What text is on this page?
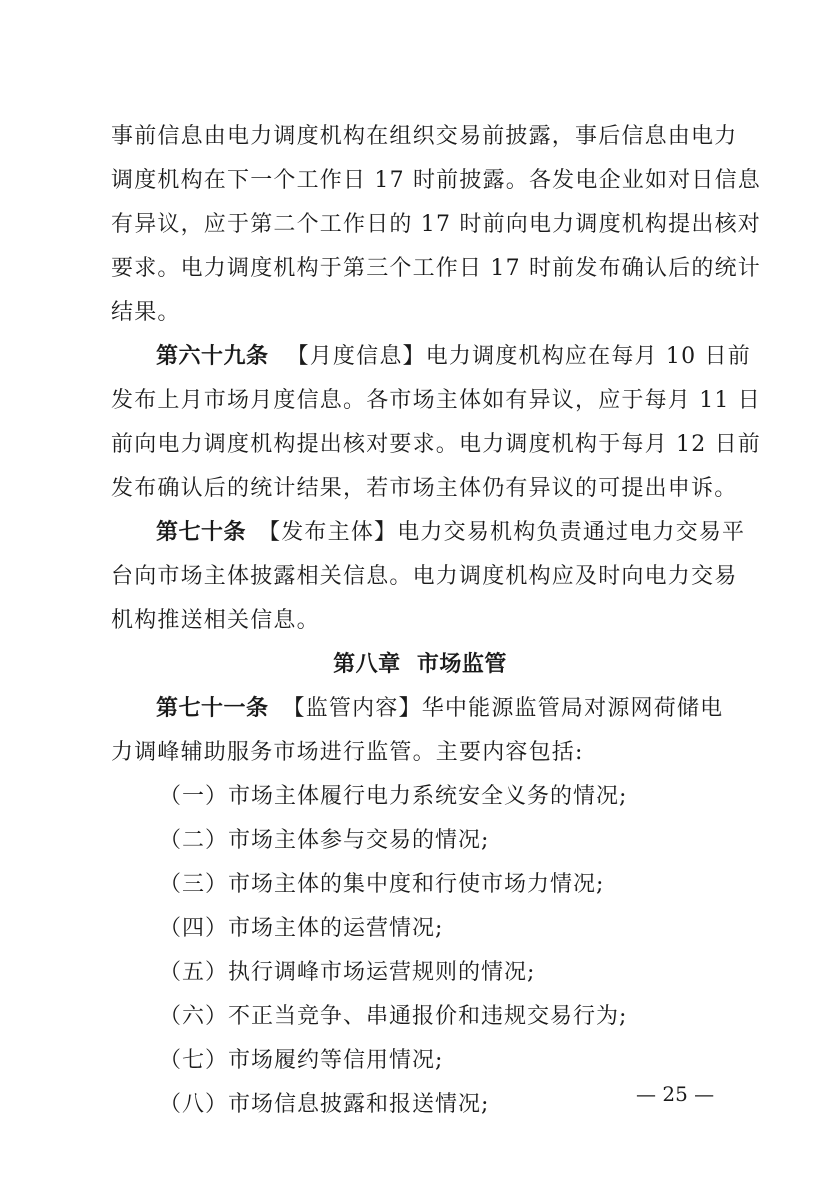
事前信息由电力调度机构在组织交易前披露，事后信息由电力
调度机构在下一个工作日 17 时前披露。各发电企业如对日信息
有异议，应于第二个工作日的 17 时前向电力调度机构提出核对
要求。电力调度机构于第三个工作日 17 时前发布确认后的统计
结果。
第六十九条 【月度信息】电力调度机构应在每月 10 日前
发布上月市场月度信息。各市场主体如有异议，应于每月 11 日
前向电力调度机构提出核对要求。电力调度机构于每月 12 日前
发布确认后的统计结果，若市场主体仍有异议的可提出申诉。
第七十条 【发布主体】电力交易机构负责通过电力交易平
台向市场主体披露相关信息。电力调度机构应及时向电力交易
机构推送相关信息。
第八章  市场监管
第七十一条 【监管内容】华中能源监管局对源网荷储电
力调峰辅助服务市场进行监管。主要内容包括:
（一）市场主体履行电力系统安全义务的情况;
（二）市场主体参与交易的情况;
（三）市场主体的集中度和行使市场力情况;
（四）市场主体的运营情况;
（五）执行调峰市场运营规则的情况;
（六）不正当竞争、串通报价和违规交易行为;
（七）市场履约等信用情况;
（八）市场信息披露和报送情况;	— 25 —
